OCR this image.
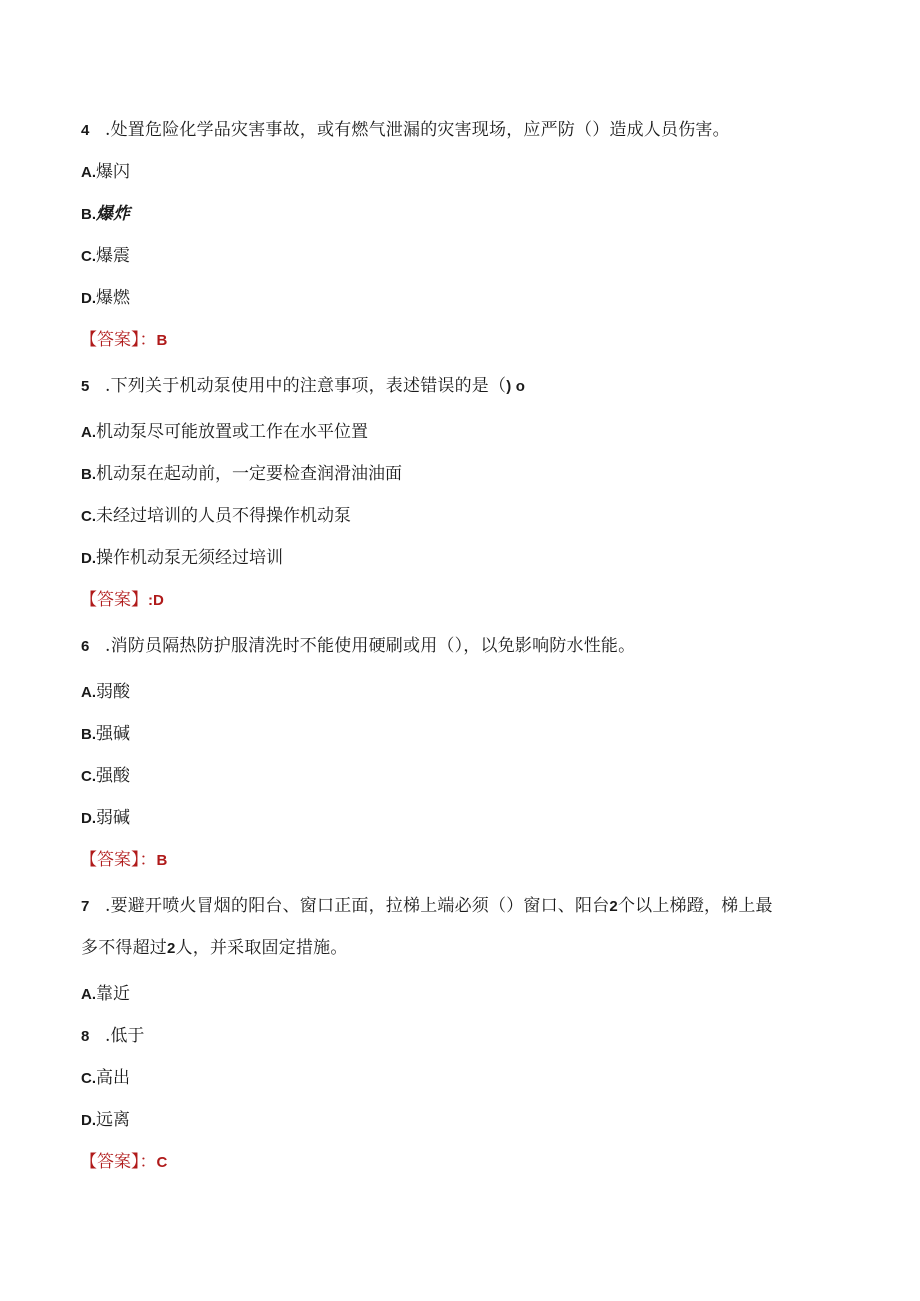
4 .处置危险化学品灾害事故，或有燃气泄漏的灾害现场，应严防（）造成人员伤害。
A.爆闪
B.爆炸
C.爆震
D.爆燃
【答案】：B
5 .下列关于机动泵使用中的注意事项，表述错误的是（) o
A.机动泵尽可能放置或工作在水平位置
B.机动泵在起动前，一定要检查润滑油油面
C.未经过培训的人员不得操作机动泵
D.操作机动泵无须经过培训
【答案】:D
6 .消防员隔热防护服清洗时不能使用硬刷或用（），以免影响防水性能。
A.弱酸
B.强碱
C.强酸
D.弱碱
【答案】：B
7 .要避开喷火冒烟的阳台、窗口正面，拉梯上端必须（）窗口、阳台2个以上梯蹬，梯上最
多不得超过2人，并采取固定措施。
A.靠近
8 .低于
C.高出
D.远离
【答案】：C
